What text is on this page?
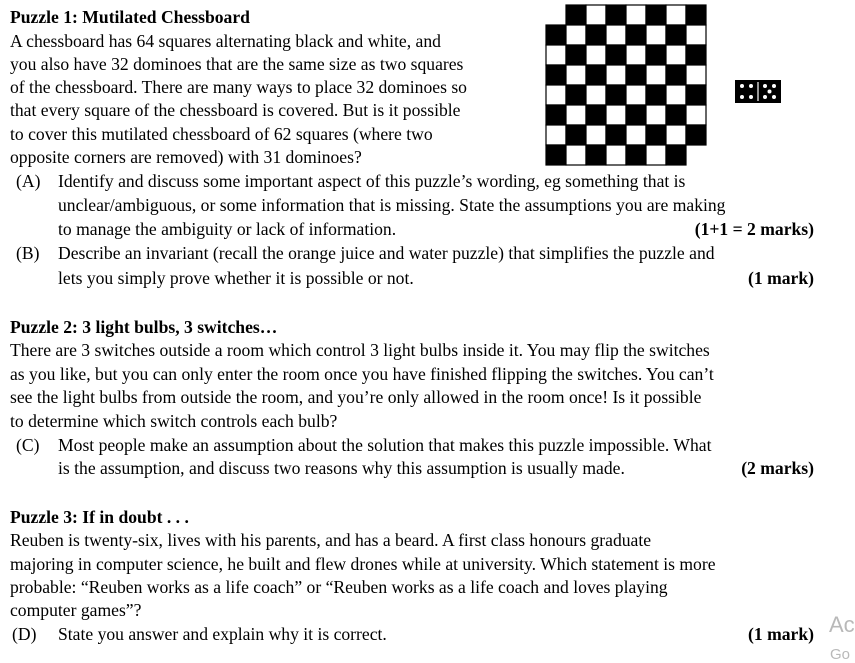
Puzzle 1: Mutilated Chessboard
A chessboard has 64 squares alternating black and white, and
you also have 32 dominoes that are the same size as two squares
of the chessboard. There are many ways to place 32 dominoes so
that every square of the chessboard is covered. But is it possible
to cover this mutilated chessboard of 62 squares (where two
opposite corners are removed) with 31 dominoes?
(A) Identify and discuss some important aspect of this puzzle’s wording, eg something that is
unclear/ambiguous, or some information that is missing. State the assumptions you are making
to manage the ambiguity or lack of information.	(1+1 = 2 marks)
(B) Describe an invariant (recall the orange juice and water puzzle) that simplifies the puzzle and
lets you simply prove whether it is possible or not.	(1 mark)
Puzzle 2: 3 light bulbs, 3 switches…
There are 3 switches outside a room which control 3 light bulbs inside it. You may flip the switches
as you like, but you can only enter the room once you have finished flipping the switches. You can’t
see the light bulbs from outside the room, and you’re only allowed in the room once! Is it possible
to determine which switch controls each bulb?
(C) Most people make an assumption about the solution that makes this puzzle impossible. What
is the assumption, and discuss two reasons why this assumption is usually made.	(2 marks)
Puzzle 3: If in doubt . . .
Reuben is twenty-six, lives with his parents, and has a beard. A first class honours graduate
majoring in computer science, he built and flew drones while at university. Which statement is more
probable: “Reuben works as a life coach” or “Reuben works as a life coach and loves playing
computer games”?
(D) State you answer and explain why it is correct.	(1 mark) Ac
Go
